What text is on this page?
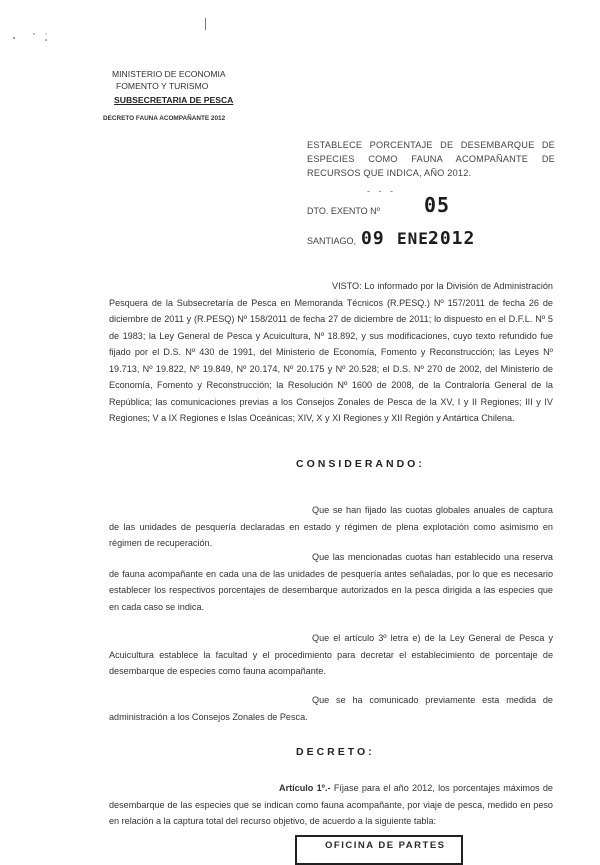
MINISTERIO DE ECONOMIA
FOMENTO Y TURISMO
SUBSECRETARIA DE PESCA
DECRETO FAUNA ACOMPAÑANTE 2012
ESTABLECE PORCENTAJE DE DESEMBARQUE DE ESPECIES COMO FAUNA ACOMPAÑANTE DE RECURSOS QUE INDICA, AÑO 2012.
- - -
DTO. EXENTO Nº 05
SANTIAGO, 09 ENE.
2012
VISTO: Lo informado por la División de Administración Pesquera de la Subsecretaría de Pesca en Memoranda Técnicos (R.PESQ.) Nº 157/2011 de fecha 26 de diciembre de 2011 y (R.PESQ) Nº 158/2011 de fecha 27 de diciembre de 2011; lo dispuesto en el D.F.L. Nº 5 de 1983; la Ley General de Pesca y Acuicultura, Nº 18.892, y sus modificaciones, cuyo texto refundido fue fijado por el D.S. Nº 430 de 1991, del Ministerio de Economía, Fomento y Reconstrucción; las Leyes Nº 19.713, Nº 19.822, Nº 19.849, Nº 20.174, Nº 20.175 y Nº 20.528; el D.S. Nº 270 de 2002, del Ministerio de Economía, Fomento y Reconstrucción; la Resolución Nº 1600 de 2008, de la Contraloría General de la República; las comunicaciones previas a los Consejos Zonales de Pesca de la XV, I y II Regiones; III y IV Regiones; V a IX Regiones e Islas Oceánicas; XIV, X y XI Regiones y XII Región y Antártica Chilena.
CONSIDERANDO:
Que se han fijado las cuotas globales anuales de captura de las unidades de pesquería declaradas en estado y régimen de plena explotación como asimismo en régimen de recuperación.
Que las mencionadas cuotas han establecido una reserva de fauna acompañante en cada una de las unidades de pesquería antes señaladas, por lo que es necesario establecer los respectivos porcentajes de desembarque autorizados en la pesca dirigida a las especies que en cada caso se indica.
Que el artículo 3º letra e) de la Ley General de Pesca y Acuicultura establece la facultad y el procedimiento para decretar el establecimiento de porcentaje de desembarque de especies como fauna acompañante.
Que se ha comunicado previamente esta medida de administración a los Consejos Zonales de Pesca.
DECRETO:
Artículo 1º.- Fíjase para el año 2012, los porcentajes máximos de desembarque de las especies que se indican como fauna acompañante, por viaje de pesca, medido en peso en relación a la captura total del recurso objetivo, de acuerdo a la siguiente tabla:
OFICINA DE PARTES
